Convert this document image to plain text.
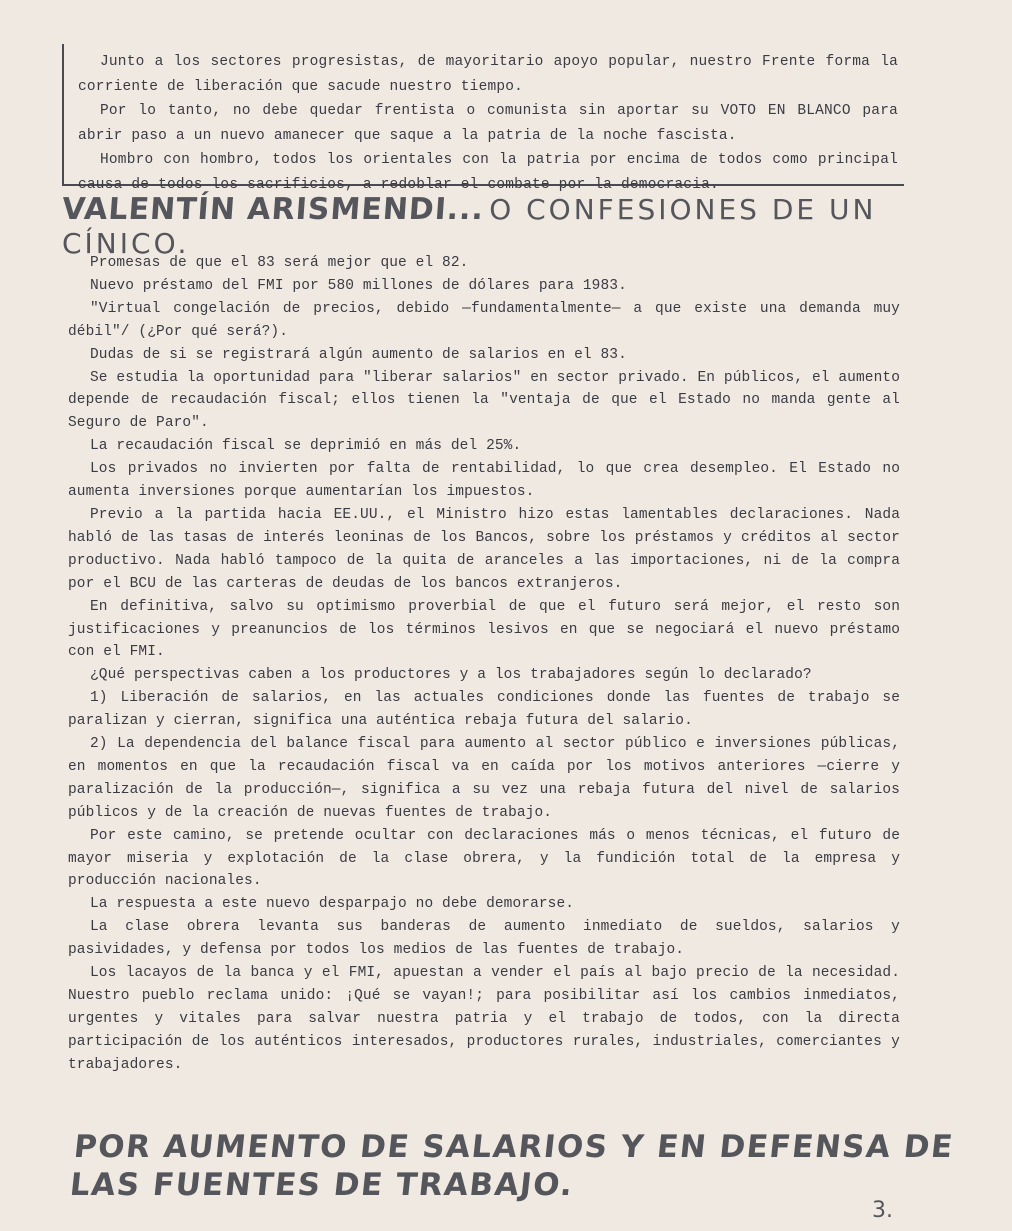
Junto a los sectores progresistas, de mayoritario apoyo popular, nuestro Frente forma la corriente de liberación que sacude nuestro tiempo.

Por lo tanto, no debe quedar frentista o comunista sin aportar su VOTO EN BLANCO para abrir paso a un nuevo amanecer que saque a la patria de la noche fascista.

Hombro con hombro, todos los orientales con la patria por encima de todos como principal causa de todos los sacrificios, a redoblar el combate por la democracia.

VALENTÍN ARISMENDI... O CONFESIONES DE UN CÍNICO.

Promesas de que el 83 será mejor que el 82.

Nuevo préstamo del FMI por 580 millones de dólares para 1983.

"Virtual congelación de precios, debido —fundamentalmente— a que existe una demanda muy débil"/ (¿Por qué será?).

Dudas de si se registrará algún aumento de salarios en el 83.

Se estudia la oportunidad para "liberar salarios" en sector privado. En públicos, el aumento depende de recaudación fiscal; ellos tienen la "ventaja de que el Estado no manda gente al Seguro de Paro".

La recaudación fiscal se deprimió en más del 25%.

Los privados no invierten por falta de rentabilidad, lo que crea desempleo. El Estado no aumenta inversiones porque aumentarían los impuestos.

Previo a la partida hacia EE.UU., el Ministro hizo estas lamentables declaraciones. Nada habló de las tasas de interés leoninas de los Bancos, sobre los préstamos y créditos al sector productivo. Nada habló tampoco de la quita de aranceles a las importaciones, ni de la compra por el BCU de las carteras de deudas de los bancos extranjeros.

En definitiva, salvo su optimismo proverbial de que el futuro será mejor, el resto son justificaciones y preanuncios de los términos lesivos en que se negociará el nuevo préstamo con el FMI.

¿Qué perspectivas caben a los productores y a los trabajadores según lo declarado?

1) Liberación de salarios, en las actuales condiciones donde las fuentes de trabajo se paralizan y cierran, significa una auténtica rebaja futura del salario.

2) La dependencia del balance fiscal para aumento al sector público e inversiones públicas, en momentos en que la recaudación fiscal va en caída por los motivos anteriores —cierre y paralización de la producción—, significa a su vez una rebaja futura del nivel de salarios públicos y de la creación de nuevas fuentes de trabajo.

Por este camino, se pretende ocultar con declaraciones más o menos técnicas, el futuro de mayor miseria y explotación de la clase obrera, y la fundición total de la empresa y producción nacionales.

La respuesta a este nuevo desparpajo no debe demorarse.

La clase obrera levanta sus banderas de aumento inmediato de sueldos, salarios y pasividades, y defensa por todos los medios de las fuentes de trabajo.

Los lacayos de la banca y el FMI, apuestan a vender el país al bajo precio de la necesidad. Nuestro pueblo reclama unido: ¡Qué se vayan!; para posibilitar así los cambios inmediatos, urgentes y vitales para salvar nuestra patria y el trabajo de todos, con la directa participación de los auténticos interesados, productores rurales, industriales, comerciantes y trabajadores.

POR AUMENTO DE SALARIOS Y EN DEFENSA DE LAS FUENTES DE TRABAJO.
3.
